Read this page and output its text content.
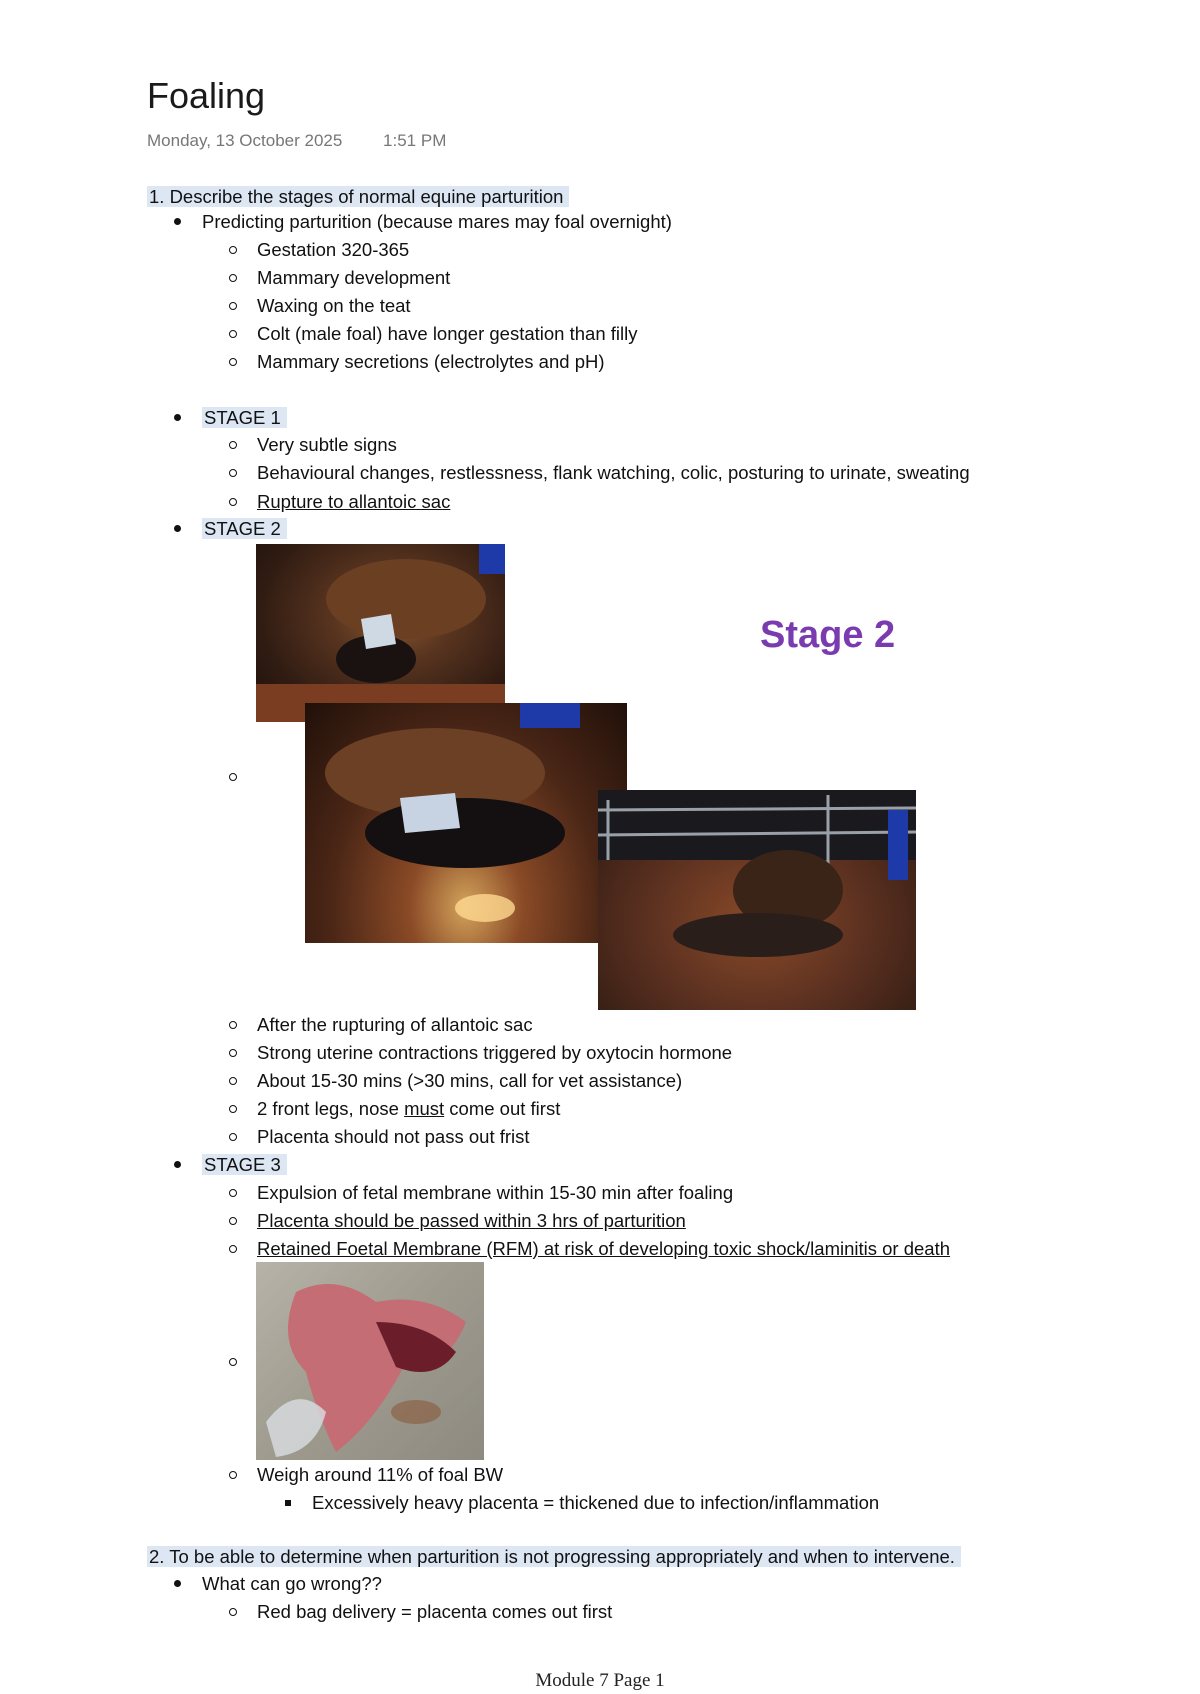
Foaling
Monday, 13 October 2025 1:51 PM
1. Describe the stages of normal equine parturition
Predicting parturition (because mares may foal overnight)
Gestation 320-365
Mammary development
Waxing on the teat
Colt (male foal) have longer gestation than filly
Mammary secretions (electrolytes and pH)
STAGE 1
Very subtle signs
Behavioural changes, restlessness, flank watching, colic, posturing to urinate, sweating
Rupture to allantoic sac
STAGE 2
Stage 2
After the rupturing of allantoic sac
Strong uterine contractions triggered by oxytocin hormone
About 15-30 mins (>30 mins, call for vet assistance)
2 front legs, nose must come out first
Placenta should not pass out frist
STAGE 3
Expulsion of fetal membrane within 15-30 min after foaling
Placenta should be passed within 3 hrs of parturition
Retained Foetal Membrane (RFM) at risk of developing toxic shock/laminitis or death
Weigh around 11% of foal BW
Excessively heavy placenta = thickened due to infection/inflammation
2. To be able to determine when parturition is not progressing appropriately and when to intervene.
What can go wrong??
Red bag delivery = placenta comes out first
Module 7 Page 1
